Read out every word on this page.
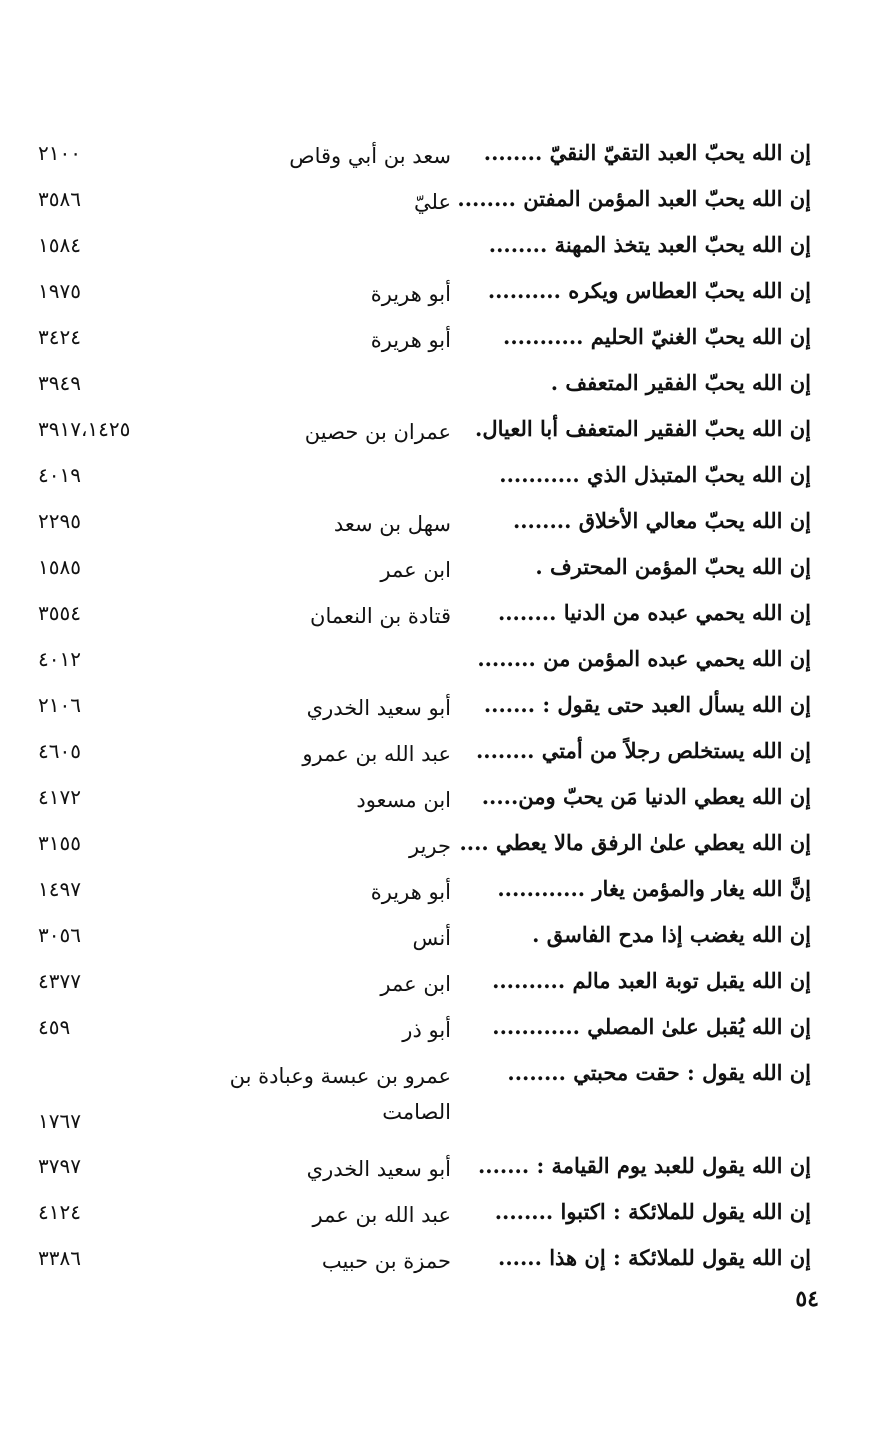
إن الله يحبّ العبد التقيّ النقيّ ........
سعد بن أبي وقاص
٢١٠٠
إن الله يحبّ العبد المؤمن المفتن ........
عليّ
٣٥٨٦
إن الله يحبّ العبد يتخذ المهنة ........
١٥٨٤
إن الله يحبّ العطاس ويكره ..........
أبو هريرة
١٩٧٥
إن الله يحبّ الغنيّ الحليم ...........
أبو هريرة
٣٤٢٤
إن الله يحبّ الفقير المتعفف .
٣٩٤٩
إن الله يحبّ الفقير المتعفف أبا العيال.
عمران بن حصين
٣٩١٧،١٤٢٥
إن الله يحبّ المتبذل الذي ...........
٤٠١٩
إن الله يحبّ معالي الأخلاق ........
سهل بن سعد
٢٢٩٥
إن الله يحبّ المؤمن المحترف .
ابن عمر
١٥٨٥
إن الله يحمي عبده من الدنيا ........
قتادة بن النعمان
٣٥٥٤
إن الله يحمي عبده المؤمن من ........
٤٠١٢
إن الله يسأل العبد حتى يقول : .......
أبو سعيد الخدري
٢١٠٦
إن الله يستخلص رجلاً من أمتي ........
عبد الله بن عمرو
٤٦٠٥
إن الله يعطي الدنيا مَن يحبّ ومن.....
ابن مسعود
٤١٧٢
إن الله يعطي علىٰ الرفق مالا يعطي ....
جرير
٣١٥٥
إنَّ الله يغار والمؤمن يغار ............
أبو هريرة
١٤٩٧
إن الله يغضب إذا مدح الفاسق .
أنس
٣٠٥٦
إن الله يقبل توبة العبد مالم ..........
ابن عمر
٤٣٧٧
إن الله يُقبل علىٰ المصلي ............
أبو ذر
٤٥٩
إن الله يقول : حقت محبتي ........
عمرو بن عبسة وعبادة بن الصامت
١٧٦٧
إن الله يقول للعبد يوم القيامة : .......
أبو سعيد الخدري
٣٧٩٧
إن الله يقول للملائكة : اكتبوا ........
عبد الله بن عمر
٤١٢٤
إن الله يقول للملائكة : إن هذا ......
حمزة بن حبيب
٣٣٨٦
٥٤
